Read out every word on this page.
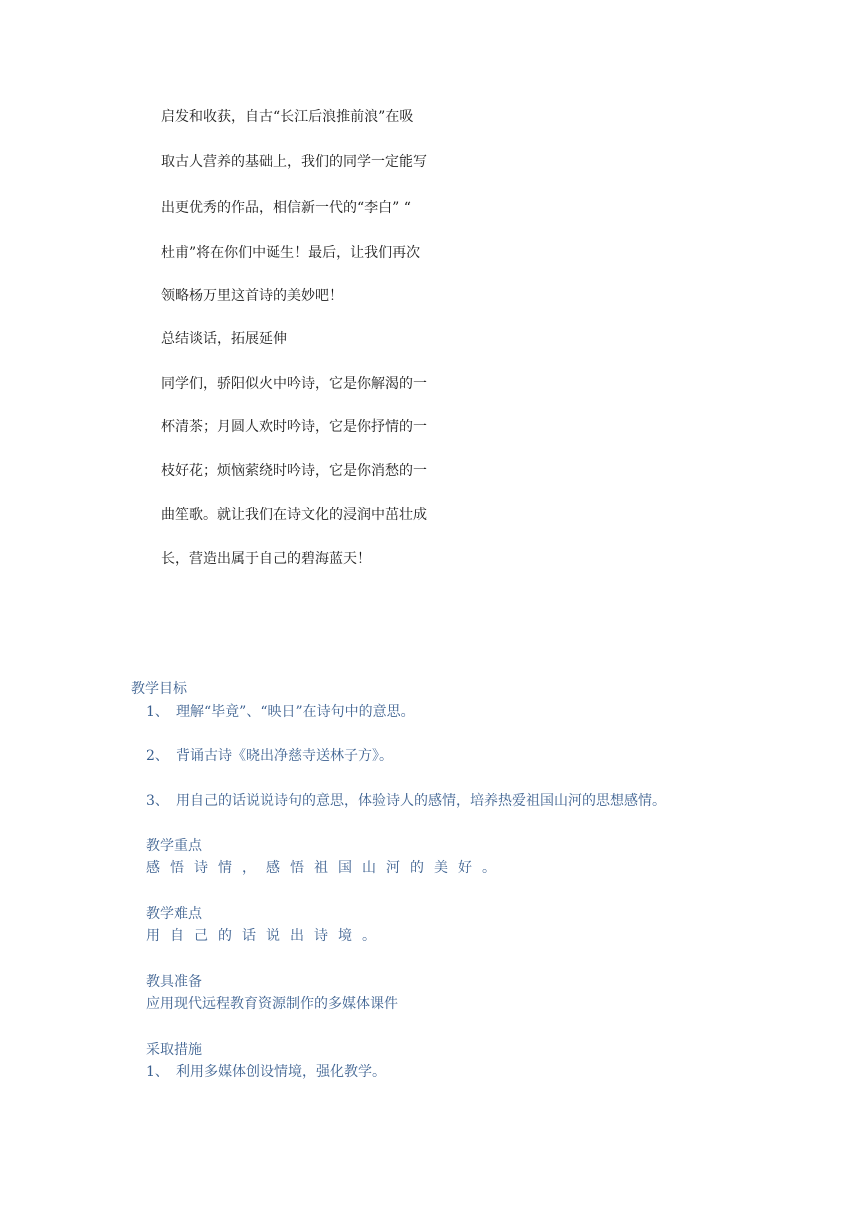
启发和收获，自古“长江后浪推前浪”在吸
取古人营养的基础上，我们的同学一定能写
出更优秀的作品，相信新一代的“李白” “
杜甫”将在你们中诞生！最后，让我们再次
领略杨万里这首诗的美妙吧！
总结谈话，拓展延伸
同学们，骄阳似火中吟诗，它是你解渴的一
杯清茶；月圆人欢时吟诗，它是你抒情的一
枝好花；烦恼萦绕时吟诗，它是你消愁的一
曲笙歌。就让我们在诗文化的浸润中茁壮成
长，营造出属于自己的碧海蓝天！
教学目标
1、 理解“毕竟”、“映日”在诗句中的意思。
2、 背诵古诗《晓出净慈寺送林子方》。
3、 用自己的话说说诗句的意思，体验诗人的感情，培养热爱祖国山河的思想感情。
教学重点
感悟诗情，感悟祖国山河的美好。
教学难点
用自己的话说出诗境。
教具准备
应用现代远程教育资源制作的多媒体课件
采取措施
1、 利用多媒体创设情境，强化教学。
